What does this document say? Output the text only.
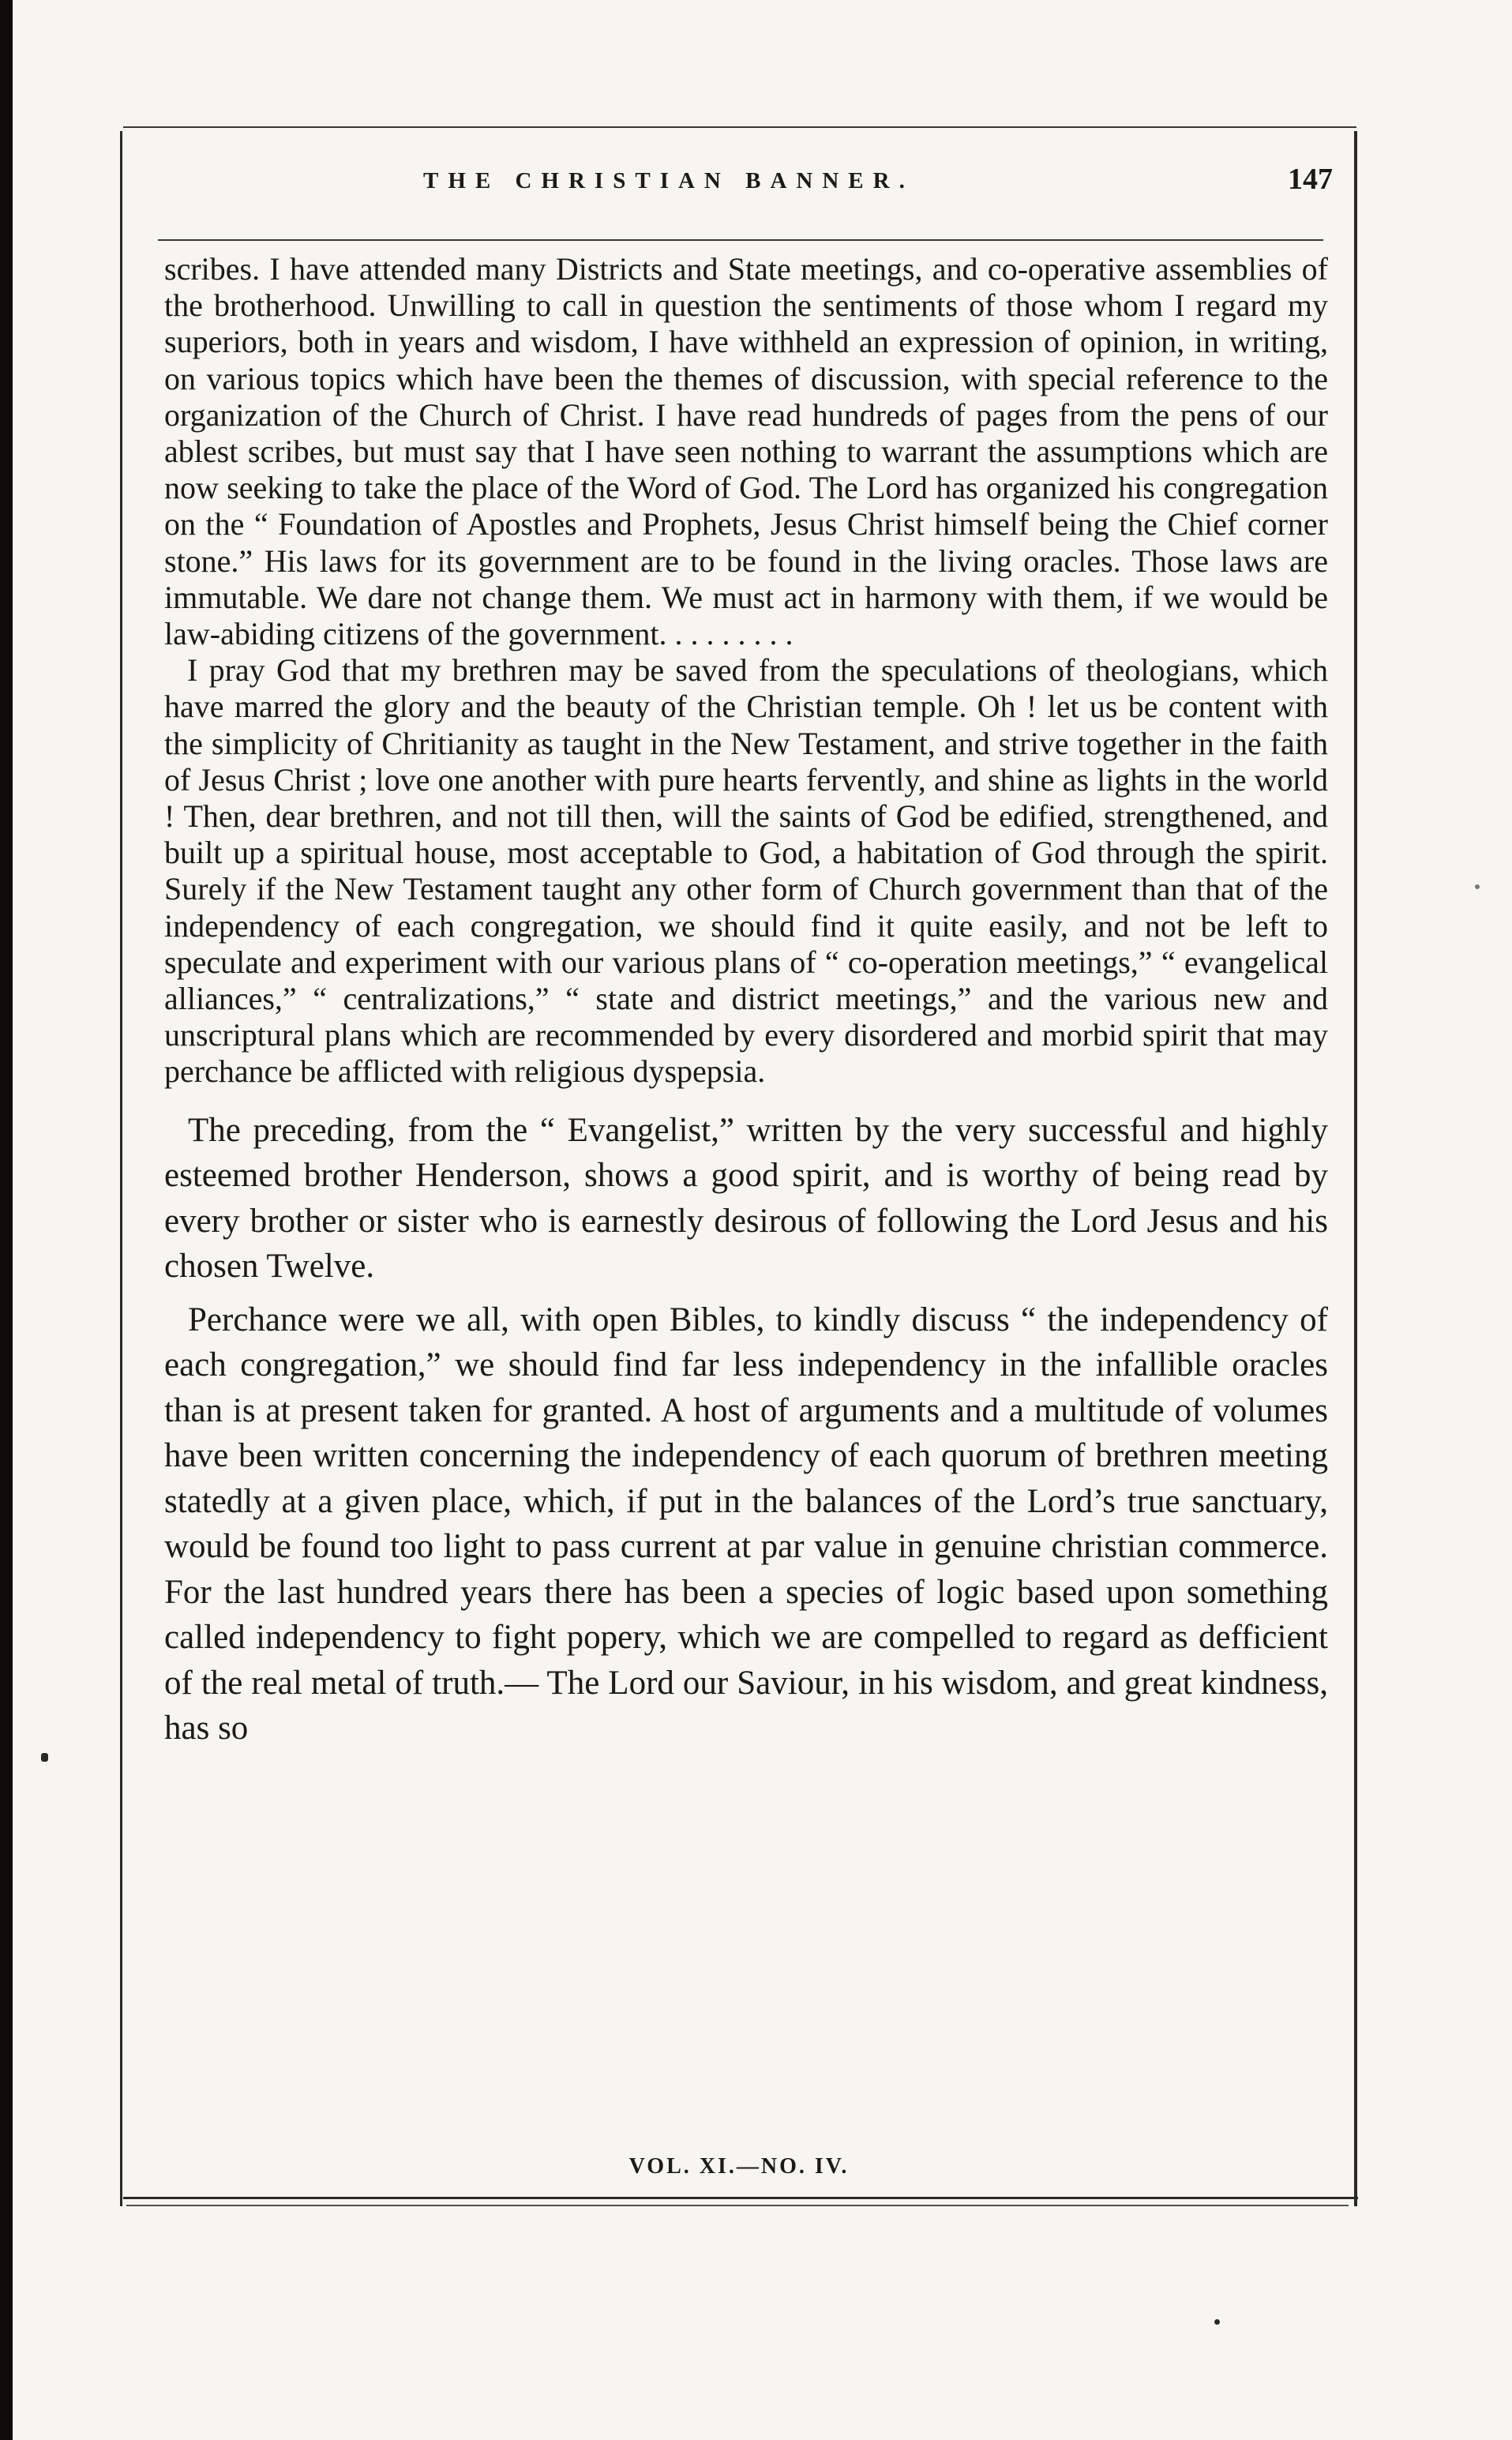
THE CHRISTIAN BANNER.	147

scribes. I have attended many Districts and State meetings, and co-operative assemblies of the brotherhood. Unwilling to call in question the sentiments of those whom I regard my superiors, both in years and wisdom, I have withheld an expression of opinion, in writing, on various topics which have been the themes of discussion, with special reference to the organization of the Church of Christ. I have read hundreds of pages from the pens of our ablest scribes, but must say that I have seen nothing to warrant the assumptions which are now seeking to take the place of the Word of God. The Lord has organized his congregation on the “ Foundation of Apostles and Prophets, Jesus Christ himself being the Chief corner stone.” His laws for its government are to be found in the living oracles. Those laws are immutable. We dare not change them. We must act in harmony with them, if we would be law-abiding citizens of the government. . . . . . . . .

I pray God that my brethren may be saved from the speculations of theologians, which have marred the glory and the beauty of the Christian temple. Oh ! let us be content with the simplicity of Chritianity as taught in the New Testament, and strive together in the faith of Jesus Christ ; love one another with pure hearts fervently, and shine as lights in the world ! Then, dear brethren, and not till then, will the saints of God be edified, strengthened, and built up a spiritual house, most acceptable to God, a habitation of God through the spirit. Surely if the New Testament taught any other form of Church government than that of the independency of each congregation, we should find it quite easily, and not be left to speculate and experiment with our various plans of “ co-operation meetings,” “ evangelical alliances,” “ centralizations,” “ state and district meetings,” and the various new and unscriptural plans which are recommended by every disordered and morbid spirit that may perchance be afflicted with religious dyspepsia.

The preceding, from the “ Evangelist,” written by the very successful and highly esteemed brother Henderson, shows a good spirit, and is worthy of being read by every brother or sister who is earnestly desirous of following the Lord Jesus and his chosen Twelve.

Perchance were we all, with open Bibles, to kindly discuss “ the independency of each congregation,” we should find far less independency in the infallible oracles than is at present taken for granted. A host of arguments and a multitude of volumes have been written concerning the independency of each quorum of brethren meeting statedly at a given place, which, if put in the balances of the Lord’s true sanctuary, would be found too light to pass current at par value in genuine christian commerce. For the last hundred years there has been a species of logic based upon something called independency to fight popery, which we are compelled to regard as defficient of the real metal of truth.— The Lord our Saviour, in his wisdom, and great kindness, has so

VOL. XI.—NO. IV.
